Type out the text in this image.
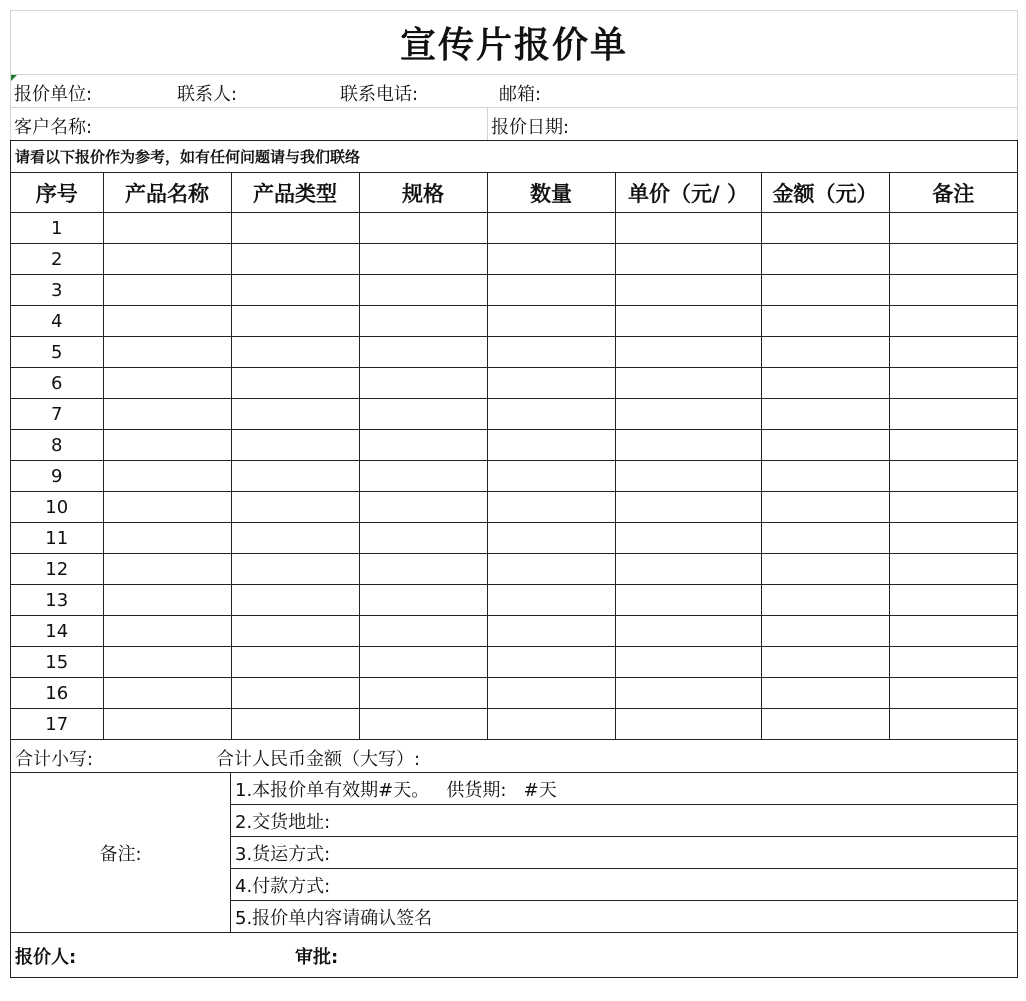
宣传片报价单
报价单位:	联系人:	联系电话:	邮箱:
客户名称:	报价日期:
请看以下报价作为参考，如有任何问题请与我们联络
序号	产品名称	产品类型	规格	数量	单价（元/ ）	金额（元）	备注
1							
2							
3							
4							
5							
6							
7							
8							
9							
10							
11							
12							
13							
14							
15							
16							
17							
合计小写:	合计人民币金额（大写）:
备注:
1.本报价单有效期#天。   供货期:   #天
2.交货地址:
3.货运方式:
4.付款方式:
5.报价单内容请确认签名
报价人:	审批:
